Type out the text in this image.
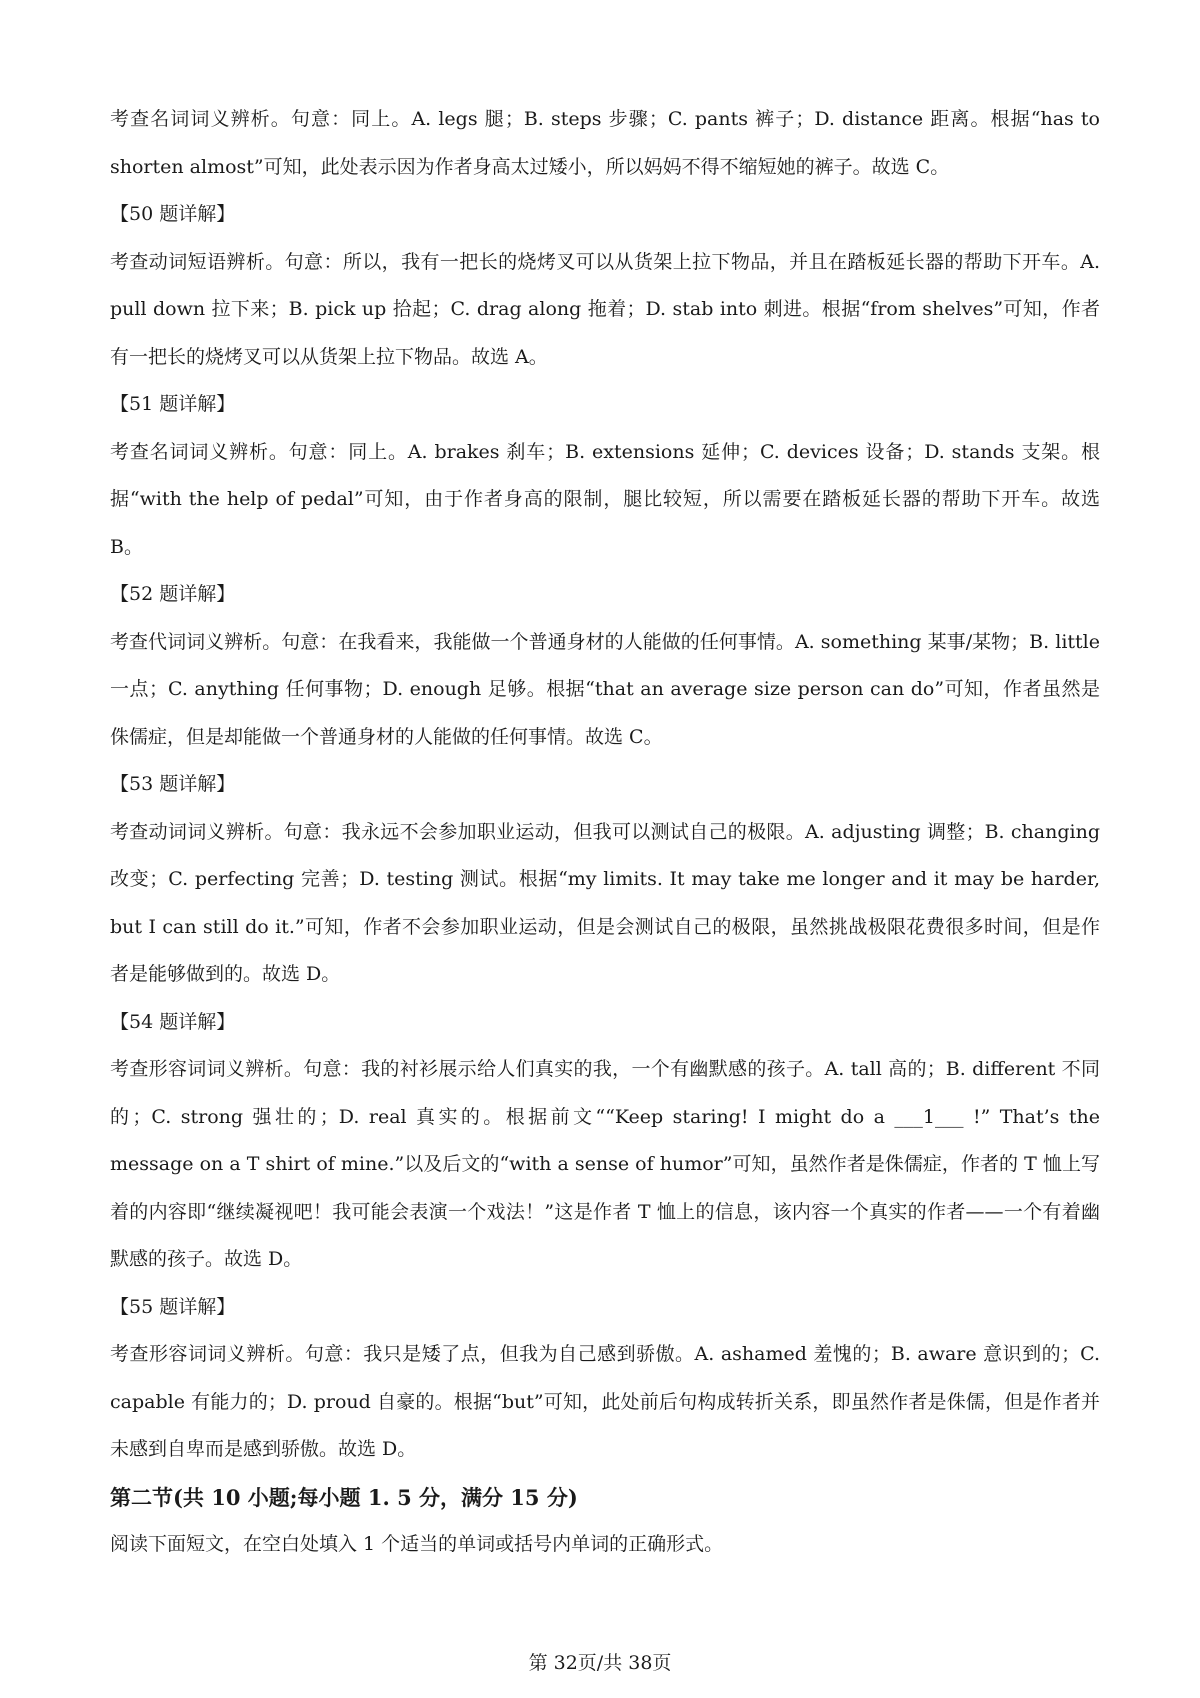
考查名词词义辨析。句意：同上。A. legs 腿；B. steps 步骤；C. pants 裤子；D. distance 距离。根据“has to shorten almost”可知，此处表示因为作者身高太过矮小，所以妈妈不得不缩短她的裤子。故选 C。

【50 题详解】

考查动词短语辨析。句意：所以，我有一把长的烧烤叉可以从货架上拉下物品，并且在踏板延长器的帮助下开车。A. pull down 拉下来；B. pick up 拾起；C. drag along 拖着；D. stab into 刺进。根据“from shelves”可知，作者有一把长的烧烤叉可以从货架上拉下物品。故选 A。

【51 题详解】

考查名词词义辨析。句意：同上。A. brakes 刹车；B. extensions 延伸；C. devices 设备；D. stands 支架。根据“with the help of pedal”可知，由于作者身高的限制，腿比较短，所以需要在踏板延长器的帮助下开车。故选 B。

【52 题详解】

考查代词词义辨析。句意：在我看来，我能做一个普通身材的人能做的任何事情。A. something 某事/某物；B. little 一点；C. anything 任何事物；D. enough 足够。根据“that an average size person can do”可知，作者虽然是侏儒症，但是却能做一个普通身材的人能做的任何事情。故选 C。

【53 题详解】

考查动词词义辨析。句意：我永远不会参加职业运动，但我可以测试自己的极限。A. adjusting 调整；B. changing 改变；C. perfecting 完善；D. testing 测试。根据“my limits. It may take me longer and it may be harder, but I can still do it.”可知，作者不会参加职业运动，但是会测试自己的极限，虽然挑战极限花费很多时间，但是作者是能够做到的。故选 D。

【54 题详解】

考查形容词词义辨析。句意：我的衬衫展示给人们真实的我，一个有幽默感的孩子。A. tall 高的；B. different 不同的；C. strong 强壮的；D. real 真实的。根据前文““Keep staring! I might do a ___1___ !” That’s the message on a T shirt of mine.”以及后文的“with a sense of humor”可知，虽然作者是侏儒症，作者的 T 恤上写着的内容即“继续凝视吧！我可能会表演一个戏法！”这是作者 T 恤上的信息，该内容一个真实的作者——一个有着幽默感的孩子。故选 D。

【55 题详解】

考查形容词词义辨析。句意：我只是矮了点，但我为自己感到骄傲。A. ashamed 羞愧的；B. aware 意识到的；C. capable 有能力的；D. proud 自豪的。根据“but”可知，此处前后句构成转折关系，即虽然作者是侏儒，但是作者并未感到自卑而是感到骄傲。故选 D。

第二节(共 10 小题;每小题 1. 5 分，满分 15 分)

阅读下面短文，在空白处填入 1 个适当的单词或括号内单词的正确形式。

第 32页/共 38页
